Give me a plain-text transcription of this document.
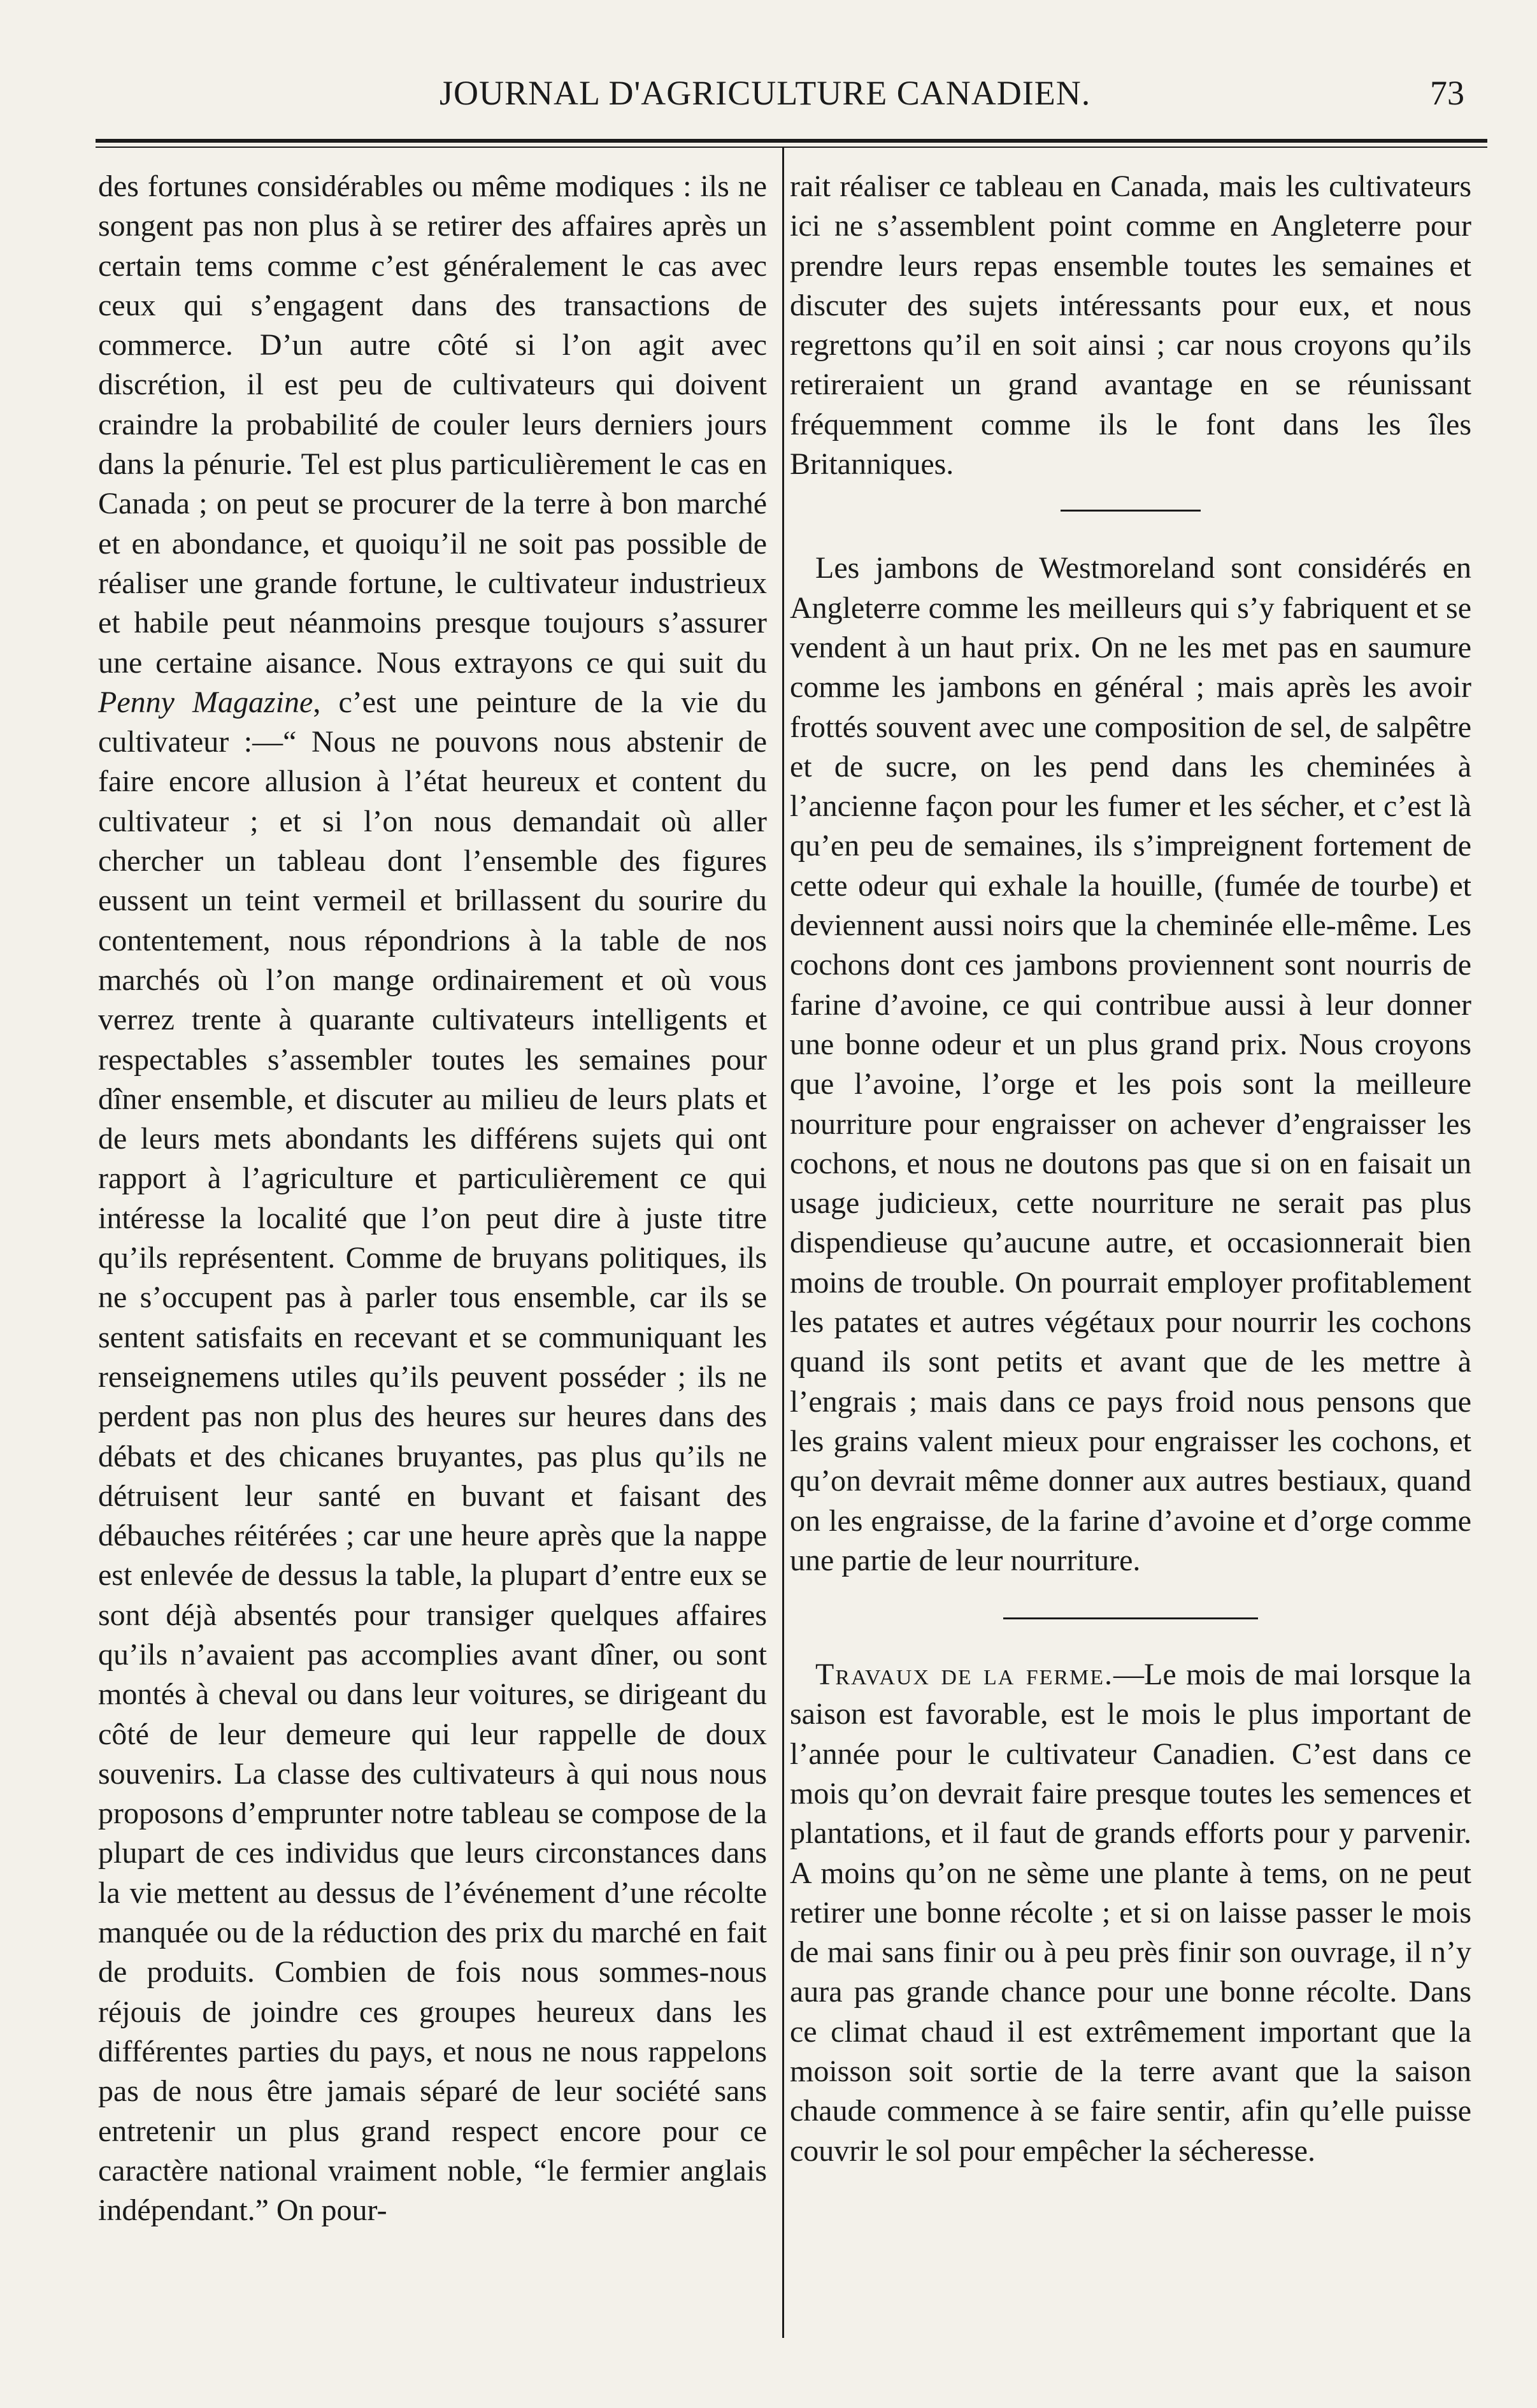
JOURNAL D'AGRICULTURE CANADIEN.	73

des fortunes considérables ou même modiques : ils ne songent pas non plus à se retirer des affaires après un certain tems comme c’est généralement le cas avec ceux qui s’engagent dans des transactions de commerce. D’un autre côté si l’on agit avec discrétion, il est peu de cultivateurs qui doivent craindre la probabilité de couler leurs derniers jours dans la pénurie. Tel est plus particulièrement le cas en Canada ; on peut se procurer de la terre à bon marché et en abondance, et quoiqu’il ne soit pas possible de réaliser une grande fortune, le cultivateur industrieux et habile peut néanmoins presque toujours s’assurer une certaine aisance. Nous extrayons ce qui suit du Penny Magazine, c’est une peinture de la vie du cultivateur :—“ Nous ne pouvons nous abstenir de faire encore allusion à l’état heureux et content du cultivateur ; et si l’on nous demandait où aller chercher un tableau dont l’ensemble des figures eussent un teint vermeil et brillassent du sourire du contentement, nous répondrions à la table de nos marchés où l’on mange ordinairement et où vous verrez trente à quarante cultivateurs intelligents et respectables s’assembler toutes les semaines pour dîner ensemble, et discuter au milieu de leurs plats et de leurs mets abondants les différens sujets qui ont rapport à l’agriculture et particulièrement ce qui intéresse la localité que l’on peut dire à juste titre qu’ils représentent. Comme de bruyans politiques, ils ne s’occupent pas à parler tous ensemble, car ils se sentent satisfaits en recevant et se communiquant les renseignemens utiles qu’ils peuvent posséder ; ils ne perdent pas non plus des heures sur heures dans des débats et des chicanes bruyantes, pas plus qu’ils ne détruisent leur santé en buvant et faisant des débauches réitérées ; car une heure après que la nappe est enlevée de dessus la table, la plupart d’entre eux se sont déjà absentés pour transiger quelques affaires qu’ils n’avaient pas accomplies avant dîner, ou sont montés à cheval ou dans leur voitures, se dirigeant du côté de leur demeure qui leur rappelle de doux souvenirs. La classe des cultivateurs à qui nous nous proposons d’emprunter notre tableau se compose de la plupart de ces individus que leurs circonstances dans la vie mettent au dessus de l’événement d’une récolte manquée ou de la réduction des prix du marché en fait de produits. Combien de fois nous sommes-nous réjouis de joindre ces groupes heureux dans les différentes parties du pays, et nous ne nous rappelons pas de nous être jamais séparé de leur société sans entretenir un plus grand respect encore pour ce caractère national vraiment noble, “le fermier anglais indépendant.” On pour-

rait réaliser ce tableau en Canada, mais les cultivateurs ici ne s’assemblent point comme en Angleterre pour prendre leurs repas ensemble toutes les semaines et discuter des sujets intéressants pour eux, et nous regrettons qu’il en soit ainsi ; car nous croyons qu’ils retireraient un grand avantage en se réunissant fréquemment comme ils le font dans les îles Britanniques.

Les jambons de Westmoreland sont considérés en Angleterre comme les meilleurs qui s’y fabriquent et se vendent à un haut prix. On ne les met pas en saumure comme les jambons en général ; mais après les avoir frottés souvent avec une composition de sel, de salpêtre et de sucre, on les pend dans les cheminées à l’ancienne façon pour les fumer et les sécher, et c’est là qu’en peu de semaines, ils s’impreignent fortement de cette odeur qui exhale la houille, (fumée de tourbe) et deviennent aussi noirs que la cheminée elle-même. Les cochons dont ces jambons proviennent sont nourris de farine d’avoine, ce qui contribue aussi à leur donner une bonne odeur et un plus grand prix. Nous croyons que l’avoine, l’orge et les pois sont la meilleure nourriture pour engraisser on achever d’engraisser les cochons, et nous ne doutons pas que si on en faisait un usage judicieux, cette nourriture ne serait pas plus dispendieuse qu’aucune autre, et occasionnerait bien moins de trouble. On pourrait employer profitablement les patates et autres végétaux pour nourrir les cochons quand ils sont petits et avant que de les mettre à l’engrais ; mais dans ce pays froid nous pensons que les grains valent mieux pour engraisser les cochons, et qu’on devrait même donner aux autres bestiaux, quand on les engraisse, de la farine d’avoine et d’orge comme une partie de leur nourriture.

Travaux de la ferme.—Le mois de mai lorsque la saison est favorable, est le mois le plus important de l’année pour le cultivateur Canadien. C’est dans ce mois qu’on devrait faire presque toutes les semences et plantations, et il faut de grands efforts pour y parvenir. A moins qu’on ne sème une plante à tems, on ne peut retirer une bonne récolte ; et si on laisse passer le mois de mai sans finir ou à peu près finir son ouvrage, il n’y aura pas grande chance pour une bonne récolte. Dans ce climat chaud il est extrêmement important que la moisson soit sortie de la terre avant que la saison chaude commence à se faire sentir, afin qu’elle puisse couvrir le sol pour empêcher la sécheresse.
